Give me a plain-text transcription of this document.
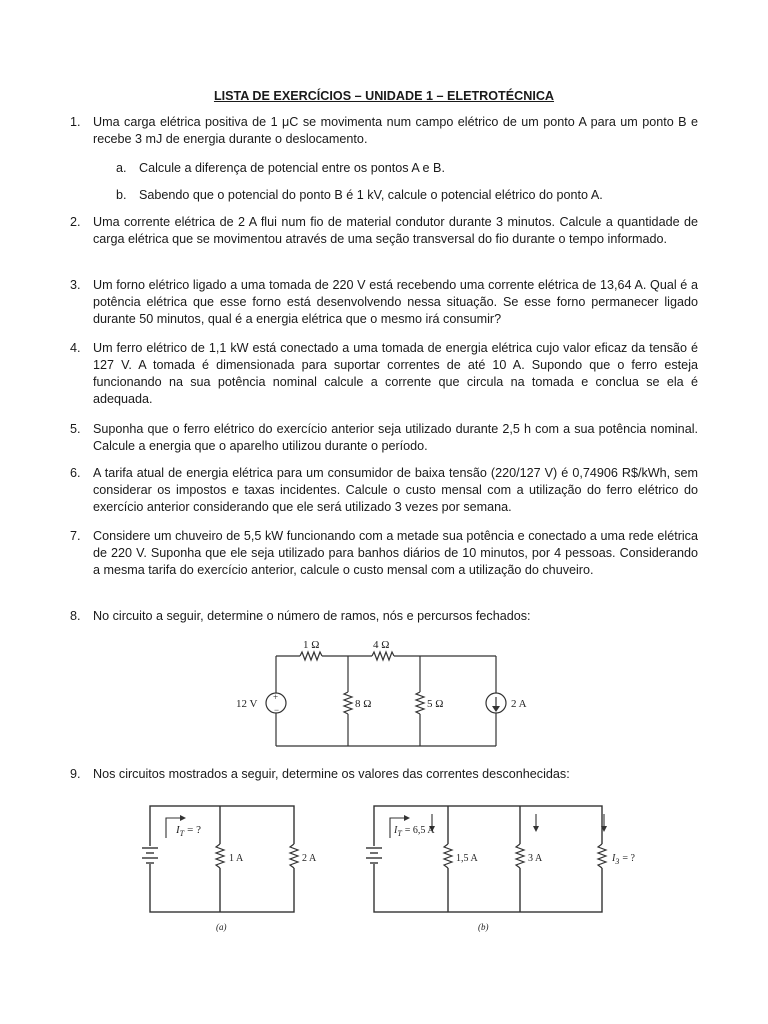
LISTA DE EXERCÍCIOS – UNIDADE 1 – ELETROTÉCNICA
1. Uma carga elétrica positiva de 1 μC se movimenta num campo elétrico de um ponto A para um ponto B e recebe 3 mJ de energia durante o deslocamento.
a. Calcule a diferença de potencial entre os pontos A e B.
b. Sabendo que o potencial do ponto B é 1 kV, calcule o potencial elétrico do ponto A.
2. Uma corrente elétrica de 2 A flui num fio de material condutor durante 3 minutos. Calcule a quantidade de carga elétrica que se movimentou através de uma seção transversal do fio durante o tempo informado.
3. Um forno elétrico ligado a uma tomada de 220 V está recebendo uma corrente elétrica de 13,64 A. Qual é a potência elétrica que esse forno está desenvolvendo nessa situação. Se esse forno permanecer ligado durante 50 minutos, qual é a energia elétrica que o mesmo irá consumir?
4. Um ferro elétrico de 1,1 kW está conectado a uma tomada de energia elétrica cujo valor eficaz da tensão é 127 V. A tomada é dimensionada para suportar correntes de até 10 A. Supondo que o ferro esteja funcionando na sua potência nominal calcule a corrente que circula na tomada e conclua se ela é adequada.
5. Suponha que o ferro elétrico do exercício anterior seja utilizado durante 2,5 h com a sua potência nominal. Calcule a energia que o aparelho utilizou durante o período.
6. A tarifa atual de energia elétrica para um consumidor de baixa tensão (220/127 V) é 0,74906 R$/kWh, sem considerar os impostos e taxas incidentes. Calcule o custo mensal com a utilização do ferro elétrico do exercício anterior considerando que ele será utilizado 3 vezes por semana.
7. Considere um chuveiro de 5,5 kW funcionando com a metade sua potência e conectado a uma rede elétrica de 220 V. Suponha que ele seja utilizado para banhos diários de 10 minutos, por 4 pessoas. Considerando a mesma tarifa do exercício anterior, calcule o custo mensal com a utilização do chuveiro.
8. No circuito a seguir, determine o número de ramos, nós e percursos fechados:
+
−
1 Ω	4 Ω
8 Ω	5 Ω
12 V	2 A
9. Nos circuitos mostrados a seguir, determine os valores das correntes desconhecidas:
$I_T$ = ?
1 A	2 A
(a)
$I_T = 6,5$ A
1,5 A	3 A	$I_3$ = ?
(b)
